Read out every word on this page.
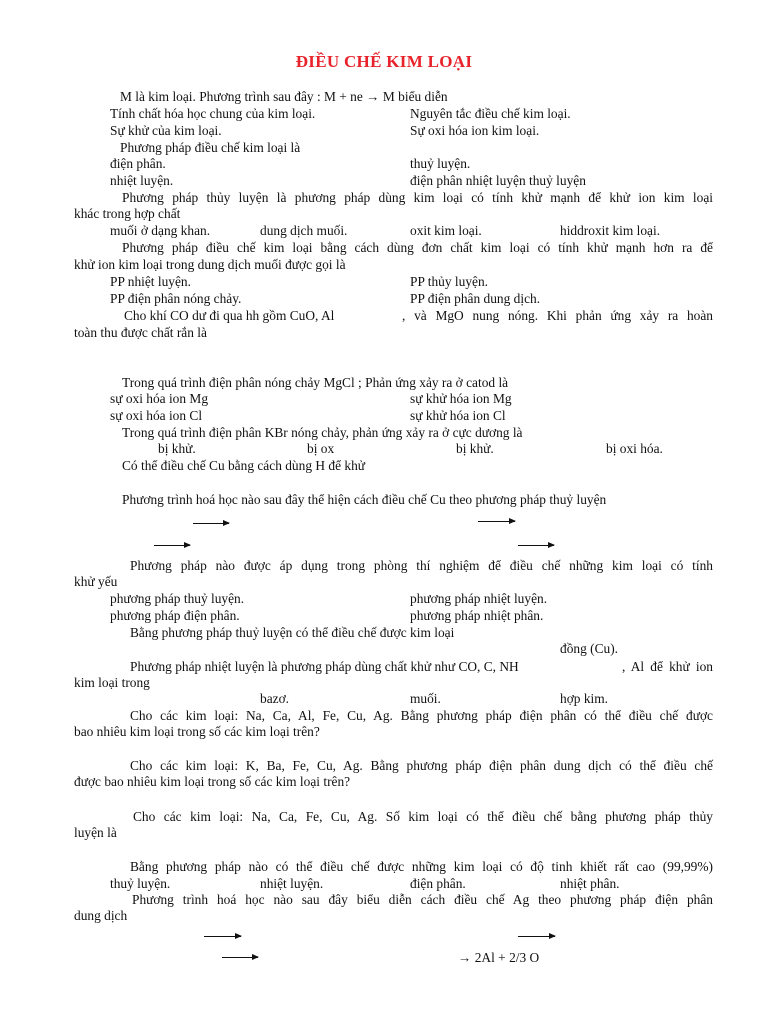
ĐIỀU CHẾ KIM LOẠI
M là kim loại. Phương trình sau đây : M + ne → M biểu diễn
Tính chất hóa học chung của kim loại.	Nguyên tắc điều chế kim loại.
Sự khử của kim loại.	Sự oxi hóa ion kim loại.
Phương pháp điều chế kim loại là
điện phân.	thuỷ luyện.
nhiệt luyện.	điện phân nhiệt luyện thuỷ luyện
Phương pháp thủy luyện là phương pháp dùng kim loại có tính khử mạnh để khử ion kim loại
khác trong hợp chất
muối ở dạng khan.	dung dịch muối.	oxit kim loại.	hiddroxit kim loại.
Phương pháp điều chế kim loại bằng cách dùng đơn chất kim loại có tính khử mạnh hơn ra để
khử ion kim loại trong dung dịch muối được gọi là
PP nhiệt luyện.	PP thủy luyện.
PP điện phân nóng chảy.	PP điện phân dung dịch.
Cho khí CO dư đi qua hh gồm CuO, Al	, và MgO nung nóng. Khi phản ứng xảy ra hoàn
toàn thu được chất rắn là
Trong quá trình điện phân nóng chảy MgCl ; Phản ứng xảy ra ở catod là
sự oxi hóa ion Mg	sự khử hóa ion Mg
sự oxi hóa ion Cl	sự khử hóa ion Cl
Trong quá trình điện phân KBr nóng chảy, phản ứng xảy ra ở cực dương là
bị khử.	bị ox	bị khử.	bị oxi hóa.
Có thể điều chế Cu bằng cách dùng H để khử
Phương trình hoá học nào sau đây thể hiện cách điều chế Cu theo phương pháp thuỷ luyện
Phương pháp nào được áp dụng trong phòng thí nghiệm để điều chế những kim loại có tính
khử yếu
phương pháp thuỷ luyện.	phương pháp nhiệt luyện.
phương pháp điện phân.	phương pháp nhiệt phân.
Bằng phương pháp thuỷ luyện có thể điều chế được kim loại
đồng (Cu).
Phương pháp nhiệt luyện là phương pháp dùng chất khử như CO, C, NH	, Al để khử ion
kim loại trong
bazơ.	muối.	hợp kim.
Cho các kim loại: Na, Ca, Al, Fe, Cu, Ag. Bằng phương pháp điện phân có thể điều chế được
bao nhiêu kim loại trong số các kim loại trên?
Cho các kim loại: K, Ba, Fe, Cu, Ag. Bằng phương pháp điện phân dung dịch có thể điều chế
được bao nhiêu kim loại trong số các kim loại trên?
Cho các kim loại: Na, Ca, Fe, Cu, Ag. Số kim loại có thể điều chế bằng phương pháp thủy
luyện là
Bằng phương pháp nào có thể điều chế được những kim loại có độ tinh khiết rất cao (99,99%)
thuỷ luyện.	nhiệt luyện.	điện phân.	nhiệt phân.
Phương trình hoá học nào sau đây biểu diễn cách điều chế Ag theo phương pháp điện phân
dung dịch
→ 2Al + 2/3 O
